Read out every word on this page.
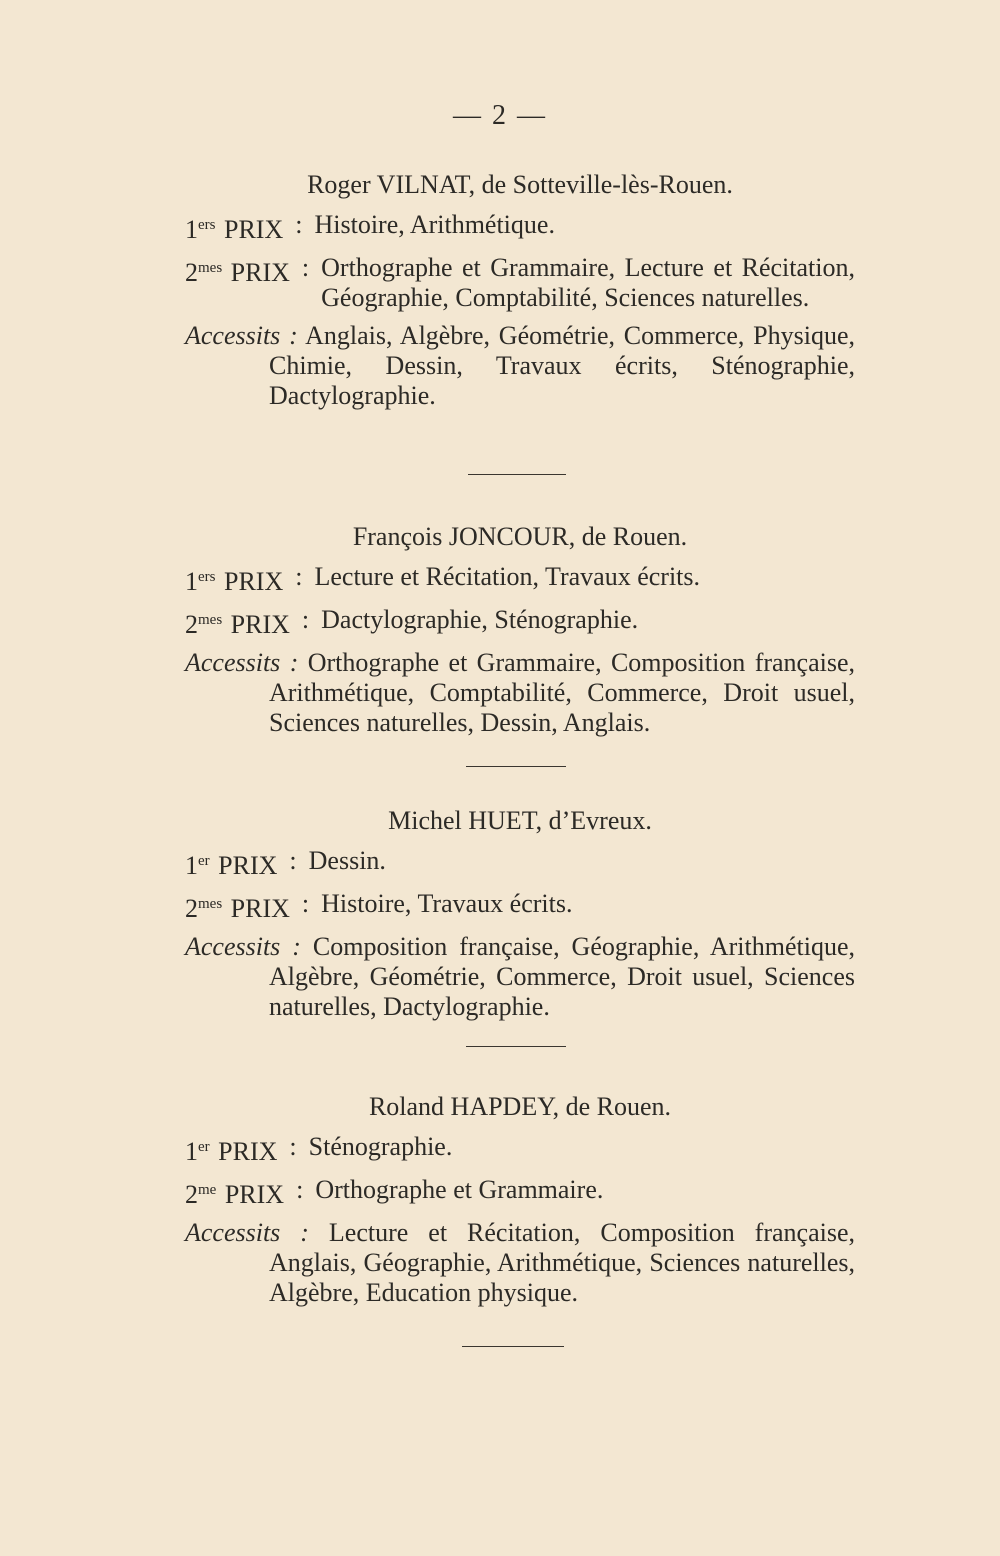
— 2 —
Roger VILNAT, de Sotteville-lès-Rouen.
1ers PRIX : Histoire, Arithmétique.
$2^{mes}$ PRIX : Orthographe et Grammaire, Lecture et Récitation, Géographie, Comptabilité, Sciences naturelles.
Accessits : Anglais, Algèbre, Géométrie, Commerce, Physique, Chimie, Dessin, Travaux écrits, Sténographie, Dactylographie.
François JONCOUR, de Rouen.
1ers PRIX : Lecture et Récitation, Travaux écrits.
$2^{mes}$ PRIX : Dactylographie, Sténographie.
Accessits : Orthographe et Grammaire, Composition française, Arithmétique, Comptabilité, Commerce, Droit usuel, Sciences naturelles, Dessin, Anglais.
Michel HUET, d’Evreux.
1er PRIX : Dessin.
$2^{mes}$ PRIX : Histoire, Travaux écrits.
Accessits : Composition française, Géographie, Arithmétique, Algèbre, Géométrie, Commerce, Droit usuel, Sciences naturelles, Dactylographie.
Roland HAPDEY, de Rouen.
1er PRIX : Sténographie.
$2^{me}$ PRIX : Orthographe et Grammaire.
Accessits : Lecture et Récitation, Composition française, Anglais, Géographie, Arithmétique, Sciences naturelles, Algèbre, Education physique.
